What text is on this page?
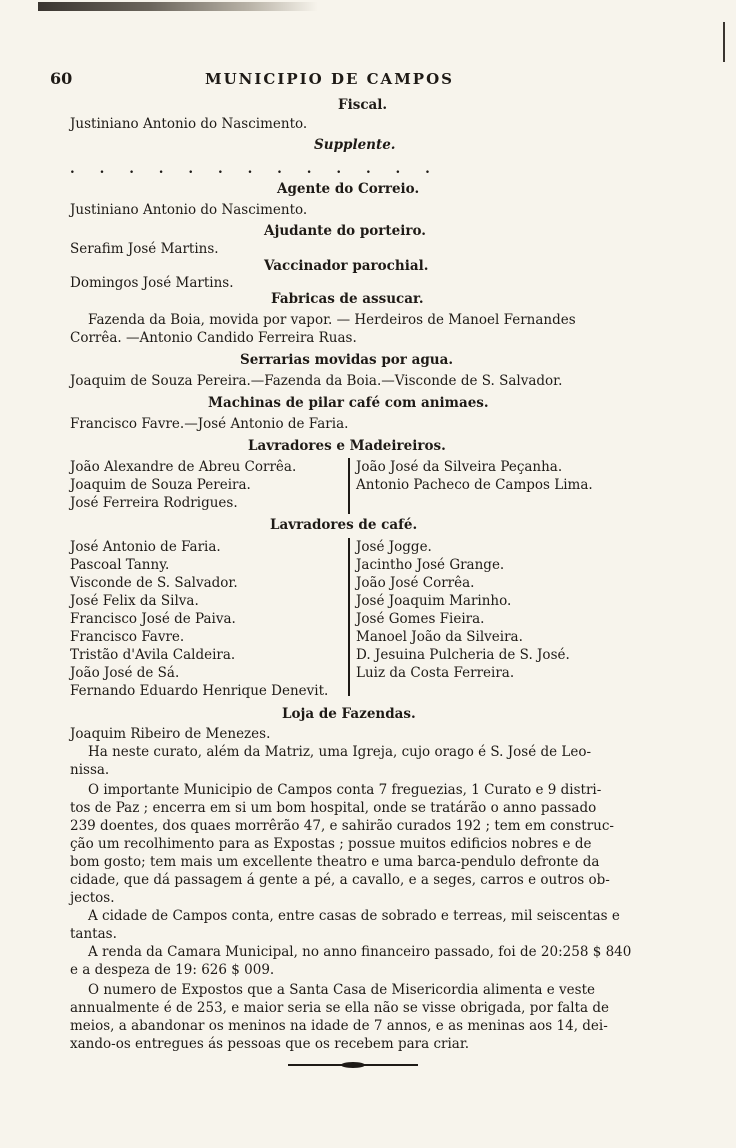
60	MUNICIPIO DE CAMPOS
Fiscal.
Justiniano Antonio do Nascimento.
Supplente.
. . . . . . . . . . . . .
Agente do Correio.
Justiniano Antonio do Nascimento.
Ajudante do porteiro.
Serafim José Martins.
Vaccinador parochial.
Domingos José Martins.
Fabricas de assucar.
Fazenda da Boia, movida por vapor. — Herdeiros de Manoel Fernandes
Corrêa. —Antonio Candido Ferreira Ruas.
Serrarias movidas por agua.
Joaquim de Souza Pereira.—Fazenda da Boia.—Visconde de S. Salvador.
Machinas de pilar café com animaes.
Francisco Favre.—José Antonio de Faria.
Lavradores e Madeireiros.
João Alexandre de Abreu Corrêa.
Joaquim de Souza Pereira.
José Ferreira Rodrigues.
João José da Silveira Peçanha.
Antonio Pacheco de Campos Lima.
Lavradores de café.
José Antonio de Faria.
Pascoal Tanny.
Visconde de S. Salvador.
José Felix da Silva.
Francisco José de Paiva.
Francisco Favre.
Tristão d'Avila Caldeira.
João José de Sá.
Fernando Eduardo Henrique Denevit.
José Jogge.
Jacintho José Grange.
João José Corrêa.
José Joaquim Marinho.
José Gomes Fieira.
Manoel João da Silveira.
D. Jesuina Pulcheria de S. José.
Luiz da Costa Ferreira.
Loja de Fazendas.
Joaquim Ribeiro de Menezes.
Ha neste curato, além da Matriz, uma Igreja, cujo orago é S. José de Leo-
nissa.
O importante Municipio de Campos conta 7 freguezias, 1 Curato e 9 distri-
tos de Paz ; encerra em si um bom hospital, onde se tratárão o anno passado
239 doentes, dos quaes morrêrão 47, e sahirão curados 192 ; tem em construc-
ção um recolhimento para as Expostas ; possue muitos edificios nobres e de
bom gosto; tem mais um excellente theatro e uma barca-pendulo defronte da
cidade, que dá passagem á gente a pé, a cavallo, e a seges, carros e outros ob-
jectos.
A cidade de Campos conta, entre casas de sobrado e terreas, mil seiscentas e
tantas.
A renda da Camara Municipal, no anno financeiro passado, foi de 20:258 $ 840
e a despeza de 19: 626 $ 009.
O numero de Expostos que a Santa Casa de Misericordia alimenta e veste
annualmente é de 253, e maior seria se ella não se visse obrigada, por falta de
meios, a abandonar os meninos na idade de 7 annos, e as meninas aos 14, dei-
xando-os entregues ás pessoas que os recebem para criar.
